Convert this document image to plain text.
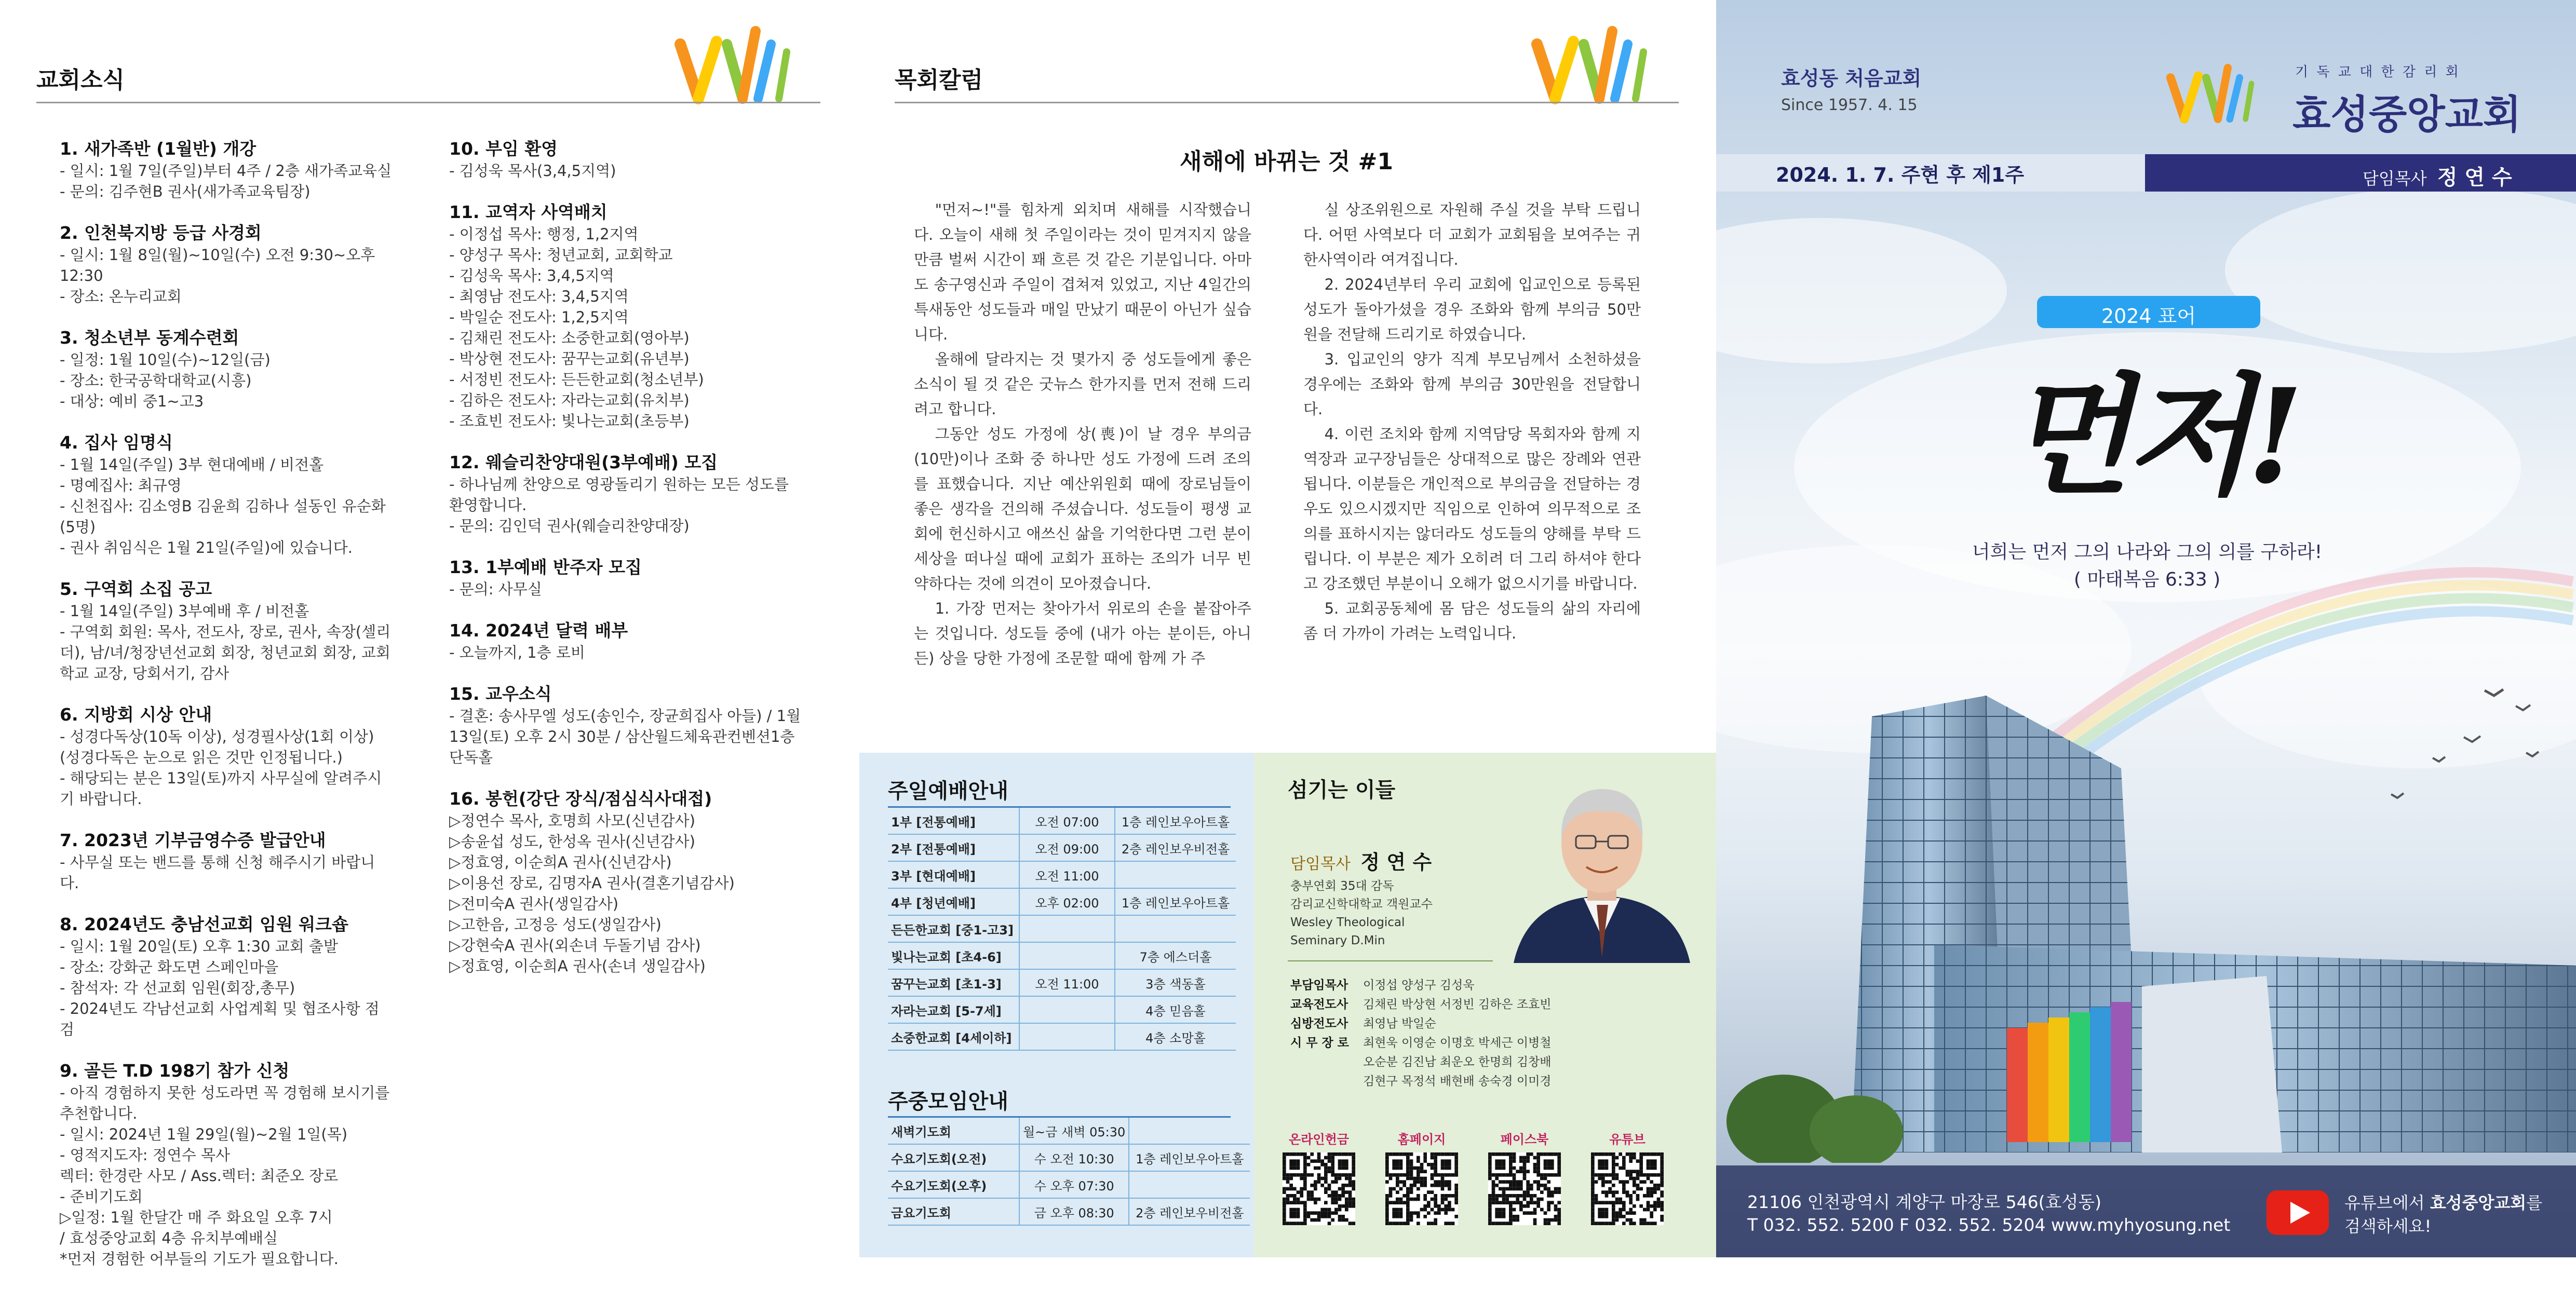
교회소식
1. 새가족반 (1월반) 개강
- 일시: 1월 7일(주일)부터 4주 / 2층 새가족교육실
- 문의: 김주현B 권사(새가족교육팀장)
2. 인천북지방 등급 사경회
- 일시: 1월 8일(월)~10일(수) 오전 9:30~오후 12:30
- 장소: 온누리교회
3. 청소년부 동계수련회
- 일정: 1월 10일(수)~12일(금)
- 장소: 한국공학대학교(시흥)
- 대상: 예비 중1~고3
4. 집사 임명식
- 1월 14일(주일) 3부 현대예배 / 비전홀
- 명예집사: 최규영
- 신천집사: 김소영B 김윤희 김하나 설동인 유순화(5명)
- 권사 취임식은 1월 21일(주일)에 있습니다.
5. 구역회 소집 공고
- 1월 14일(주일) 3부예배 후 / 비전홀
- 구역회 회원: 목사, 전도사, 장로, 권사, 속장(셀리더), 남/녀/청장년선교회 회장, 청년교회 회장, 교회학교 교장, 당회서기, 감사
6. 지방회 시상 안내
- 성경다독상(10독 이상), 성경필사상(1회 이상)
(성경다독은 눈으로 읽은 것만 인정됩니다.)
- 해당되는 분은 13일(토)까지 사무실에 알려주시기 바랍니다.
7. 2023년 기부금영수증 발급안내
- 사무실 또는 밴드를 통해 신청 해주시기 바랍니다.
8. 2024년도 충남선교회 임원 워크숍
- 일시: 1월 20일(토) 오후 1:30 교회 출발
- 장소: 강화군 화도면 스페인마을
- 참석자: 각 선교회 임원(회장,총무)
- 2024년도 각남선교회 사업계획 및 협조사항 점검
9. 골든 T.D 198기 참가 신청
- 아직 경험하지 못한 성도라면 꼭 경험해 보시기를 추천합니다.
- 일시: 2024년 1월 29일(월)~2월 1일(목)
- 영적지도자: 정연수 목사
렉터: 한경란 사모 / Ass.렉터: 최준오 장로
- 준비기도회
▷일정: 1월 한달간 매 주 화요일 오후 7시
/ 효성중앙교회 4층 유치부예배실
*먼저 경험한 어부들의 기도가 필요합니다.
10. 부임 환영
- 김성욱 목사(3,4,5지역)
11. 교역자 사역배치
- 이정섭 목사: 행정, 1,2지역
- 양성구 목사: 청년교회, 교회학교
- 김성욱 목사: 3,4,5지역
- 최영남 전도사: 3,4,5지역
- 박일순 전도사: 1,2,5지역
- 김채린 전도사: 소중한교회(영아부)
- 박상현 전도사: 꿈꾸는교회(유년부)
- 서정빈 전도사: 든든한교회(청소년부)
- 김하은 전도사: 자라는교회(유치부)
- 조효빈 전도사: 빛나는교회(초등부)
12. 웨슬리찬양대원(3부예배) 모집
- 하나님께 찬양으로 영광돌리기 원하는 모든 성도를 환영합니다.
- 문의: 김인덕 권사(웨슬리찬양대장)
13. 1부예배 반주자 모집
- 문의: 사무실
14. 2024년 달력 배부
- 오늘까지, 1층 로비
15. 교우소식
- 결혼: 송사무엘 성도(송인수, 장균희집사 아들) / 1월 13일(토) 오후 2시 30분 / 삼산월드체육관컨벤션1층 단독홀
16. 봉헌(강단 장식/점심식사대접)
▷정연수 목사, 호명희 사모(신년감사)
▷송윤섭 성도, 한성옥 권사(신년감사)
▷정효영, 이순희A 권사(신년감사)
▷이용선 장로, 김명자A 권사(결혼기념감사)
▷전미숙A 권사(생일감사)
▷고한음, 고정응 성도(생일감사)
▷강현숙A 권사(외손녀 두돌기념 감사)
▷정효영, 이순희A 권사(손녀 생일감사)
목회칼럼
새해에 바뀌는 것 #1

"먼저~!"를 힘차게 외치며 새해를 시작했습니다. 오늘이 새해 첫 주일이라는 것이 믿겨지지 않을만큼 벌써 시간이 꽤 흐른 것 같은 기분입니다. 아마도 송구영신과 주일이 겹쳐져 있었고, 지난 4일간의 특새동안 성도들과 매일 만났기 때문이 아닌가 싶습니다.

올해에 달라지는 것 몇가지 중 성도들에게 좋은 소식이 될 것 같은 굿뉴스 한가지를 먼저 전해 드리려고 합니다.

그동안 성도 가정에 상(喪)이 날 경우 부의금 (10만)이나 조화 중 하나만 성도 가정에 드려 조의를 표했습니다. 지난 예산위원회 때에 장로님들이 좋은 생각을 건의해 주셨습니다. 성도들이 평생 교회에 헌신하시고 애쓰신 삶을 기억한다면 그런 분이 세상을 떠나실 때에 교회가 표하는 조의가 너무 빈약하다는 것에 의견이 모아졌습니다.

1. 가장 먼저는 찾아가서 위로의 손을 붙잡아주는 것입니다. 성도들 중에 (내가 아는 분이든, 아니든) 상을 당한 가정에 조문할 때에 함께 가 주

실 상조위원으로 자원해 주실 것을 부탁 드립니다. 어떤 사역보다 더 교회가 교회됨을 보여주는 귀한사역이라 여겨집니다.

2. 2024년부터 우리 교회에 입교인으로 등록된 성도가 돌아가셨을 경우 조화와 함께 부의금 50만원을 전달해 드리기로 하였습니다.

3. 입교인의 양가 직계 부모님께서 소천하셨을 경우에는 조화와 함께 부의금 30만원을 전달합니다.

4. 이런 조치와 함께 지역담당 목회자와 함께 지역장과 교구장님들은 상대적으로 많은 장례와 연관됩니다. 이분들은 개인적으로 부의금을 전달하는 경우도 있으시겠지만 직임으로 인하여 의무적으로 조의를 표하시지는 않더라도 성도들의 양해를 부탁 드립니다. 이 부분은 제가 오히려 더 그리 하셔야 한다고 강조했던 부분이니 오해가 없으시기를 바랍니다.

5. 교회공동체에 몸 담은 성도들의 삶의 자리에 좀 더 가까이 가려는 노력입니다.

주일예배안내
1부 [전통예배]	오전 07:00	1층 레인보우아트홀
2부 [전통예배]	오전 09:00	2층 레인보우비전홀
3부 [현대예배]	오전 11:00	
4부 [청년예배]	오후 02:00	1층 레인보우아트홀
든든한교회 [중1-고3]		
빛나는교회 [초4-6]		7층 에스더홀
꿈꾸는교회 [초1-3]	오전 11:00	3층 색동홀
자라는교회 [5-7세]		4층 믿음홀
소중한교회 [4세이하]		4층 소망홀
주중모임안내
새벽기도회	월~금 새벽 05:30	
수요기도회(오전)	수 오전 10:30	1층 레인보우아트홀
수요기도회(오후)	수 오후 07:30	
금요기도회	금 오후 08:30	2층 레인보우비전홀
섬기는 이들
담임목사 정 연 수
충부연회 35대 감독
감리교신학대학교 객원교수
Wesley Theological
Seminary D.Min
부담임목사 이정섭 양성구 김성욱
교육전도사 김채린 박상현 서정빈 김하은 조효빈
심방전도사 최영남 박일순
시 무 장 로 최현욱 이영순 이명호 박세근 이병철
오순분 김진남 최운오 한명희 김창배
김현구 목정석 배현배 송숙경 이미경
온라인헌금	홈페이지	페이스북	유튜브
효성동 처음교회
Since 1957. 4. 15
기 독 교 대 한 감 리 회
효성중앙교회
2024. 1. 7. 주현 후 제1주	담임목사 정 연 수
2024 표어
먼저!
너희는 먼저 그의 나라와 그의 의를 구하라!
( 마태복음 6:33 )
21106 인천광역시 계양구 마장로 546(효성동)
T 032. 552. 5200 F 032. 552. 5204 www.myhyosung.net
유튜브에서 효성중앙교회를
검색하세요!
